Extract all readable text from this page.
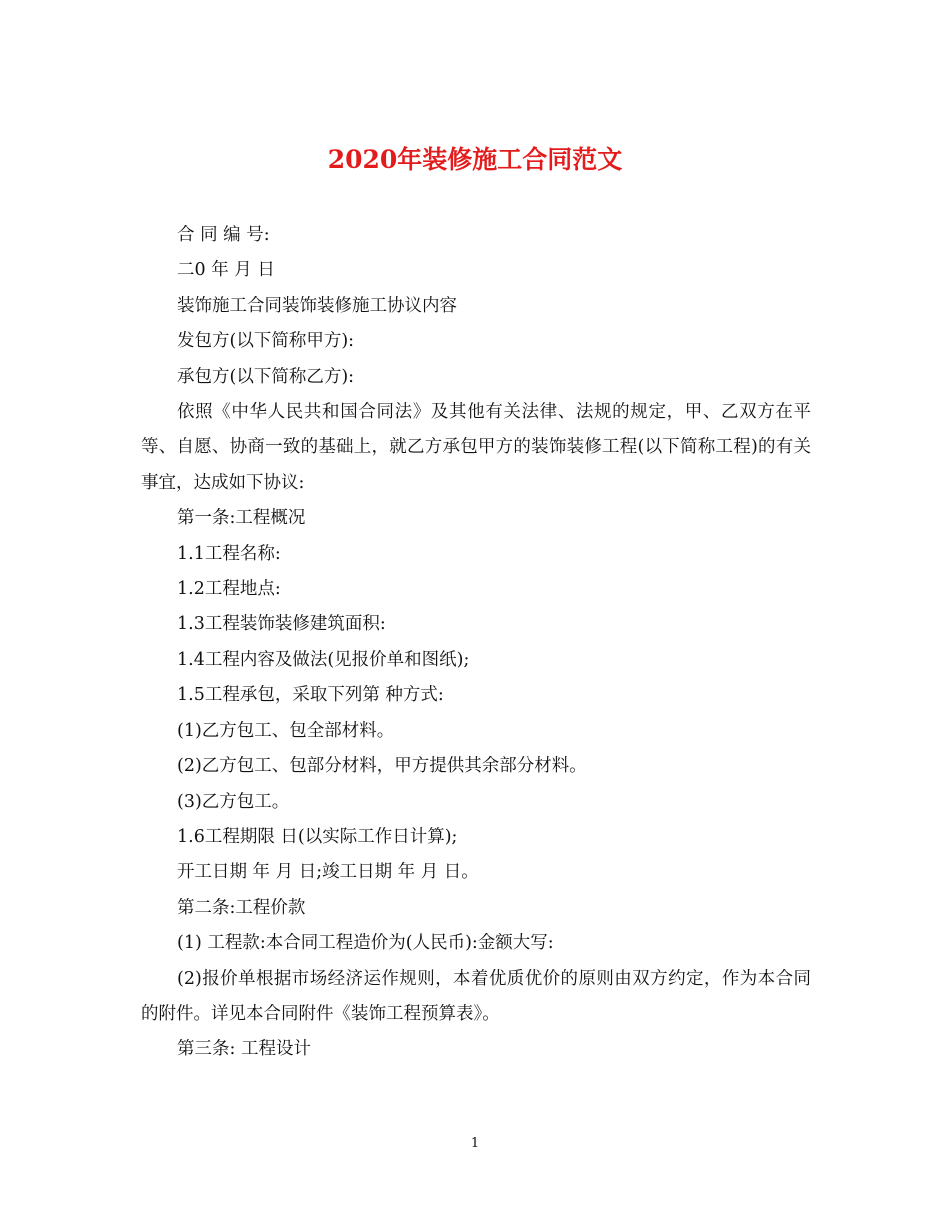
2020年装修施工合同范文

合 同 编 号:

二0 年 月 日

装饰施工合同装饰装修施工协议内容

发包方(以下简称甲方):

承包方(以下简称乙方):

依照《中华人民共和国合同法》及其他有关法律、法规的规定，甲、乙双方在平等、自愿、协商一致的基础上，就乙方承包甲方的装饰装修工程(以下简称工程)的有关事宜，达成如下协议:

第一条:工程概况

1.1工程名称:

1.2工程地点:

1.3工程装饰装修建筑面积:

1.4工程内容及做法(见报价单和图纸);

1.5工程承包，采取下列第 种方式:

(1)乙方包工、包全部材料。

(2)乙方包工、包部分材料，甲方提供其余部分材料。

(3)乙方包工。

1.6工程期限 日(以实际工作日计算);

开工日期 年 月 日;竣工日期 年 月 日。

第二条:工程价款

(1) 工程款:本合同工程造价为(人民币):金额大写:

(2)报价单根据市场经济运作规则，本着优质优价的原则由双方约定，作为本合同的附件。详见本合同附件《装饰工程预算表》。

第三条: 工程设计

1
